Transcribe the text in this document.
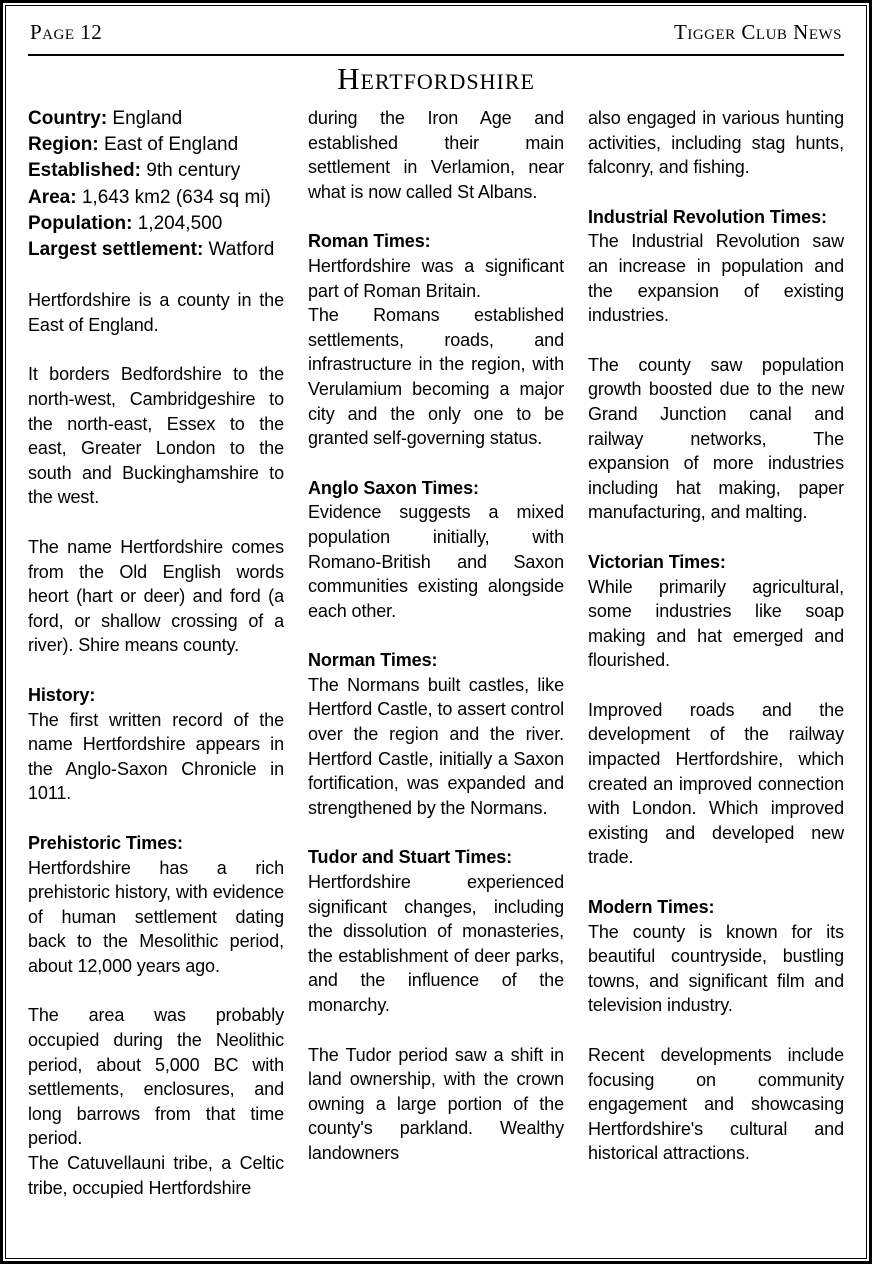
Page 12	Tigger Club News
Hertfordshire
Country: England
Region: East of England
Established: 9th century
Area: 1,643 km2 (634 sq mi)
Population: 1,204,500
Largest settlement: Watford

Hertfordshire is a county in the East of England.

It borders Bedfordshire to the north-west, Cambridgeshire to the north-east, Essex to the east, Greater London to the south and Buckinghamshire to the west.

The name Hertfordshire comes from the Old English words heort (hart or deer) and ford (a ford, or shallow crossing of a river). Shire means county.

History:
The first written record of the name Hertfordshire appears in the Anglo-Saxon Chronicle in 1011.

Prehistoric Times:
Hertfordshire has a rich prehistoric history, with evidence of human settlement dating back to the Mesolithic period, about 12,000 years ago.

The area was probably occupied during the Neolithic period, about 5,000 BC with settlements, enclosures, and long barrows from that time period.

The Catuvellauni tribe, a Celtic tribe, occupied Hertfordshire

during the Iron Age and established their main settlement in Verlamion, near what is now called St Albans.

Roman Times:
Hertfordshire was a significant part of Roman Britain.

The Romans established settlements, roads, and infrastructure in the region, with Verulamium becoming a major city and the only one to be granted self-governing status.

Anglo Saxon Times:
Evidence suggests a mixed population initially, with Romano-British and Saxon communities existing alongside each other.

Norman Times:
The Normans built castles, like Hertford Castle, to assert control over the region and the river. Hertford Castle, initially a Saxon fortification, was expanded and strengthened by the Normans.

Tudor and Stuart Times:
Hertfordshire experienced significant changes, including the dissolution of monasteries, the establishment of deer parks, and the influence of the monarchy.

The Tudor period saw a shift in land ownership, with the crown owning a large portion of the county's parkland. Wealthy landowners

also engaged in various hunting activities, including stag hunts, falconry, and fishing.

Industrial Revolution Times:
The Industrial Revolution saw an increase in population and the expansion of existing industries.

The county saw population growth boosted due to the new Grand Junction canal and railway networks, The expansion of more industries including hat making, paper manufacturing, and malting.

Victorian Times:
While primarily agricultural, some industries like soap making and hat emerged and flourished.

Improved roads and the development of the railway impacted Hertfordshire, which created an improved connection with London. Which improved existing and developed new trade.

Modern Times:
The county is known for its beautiful countryside, bustling towns, and significant film and television industry.

Recent developments include focusing on community engagement and showcasing Hertfordshire's cultural and historical attractions.
